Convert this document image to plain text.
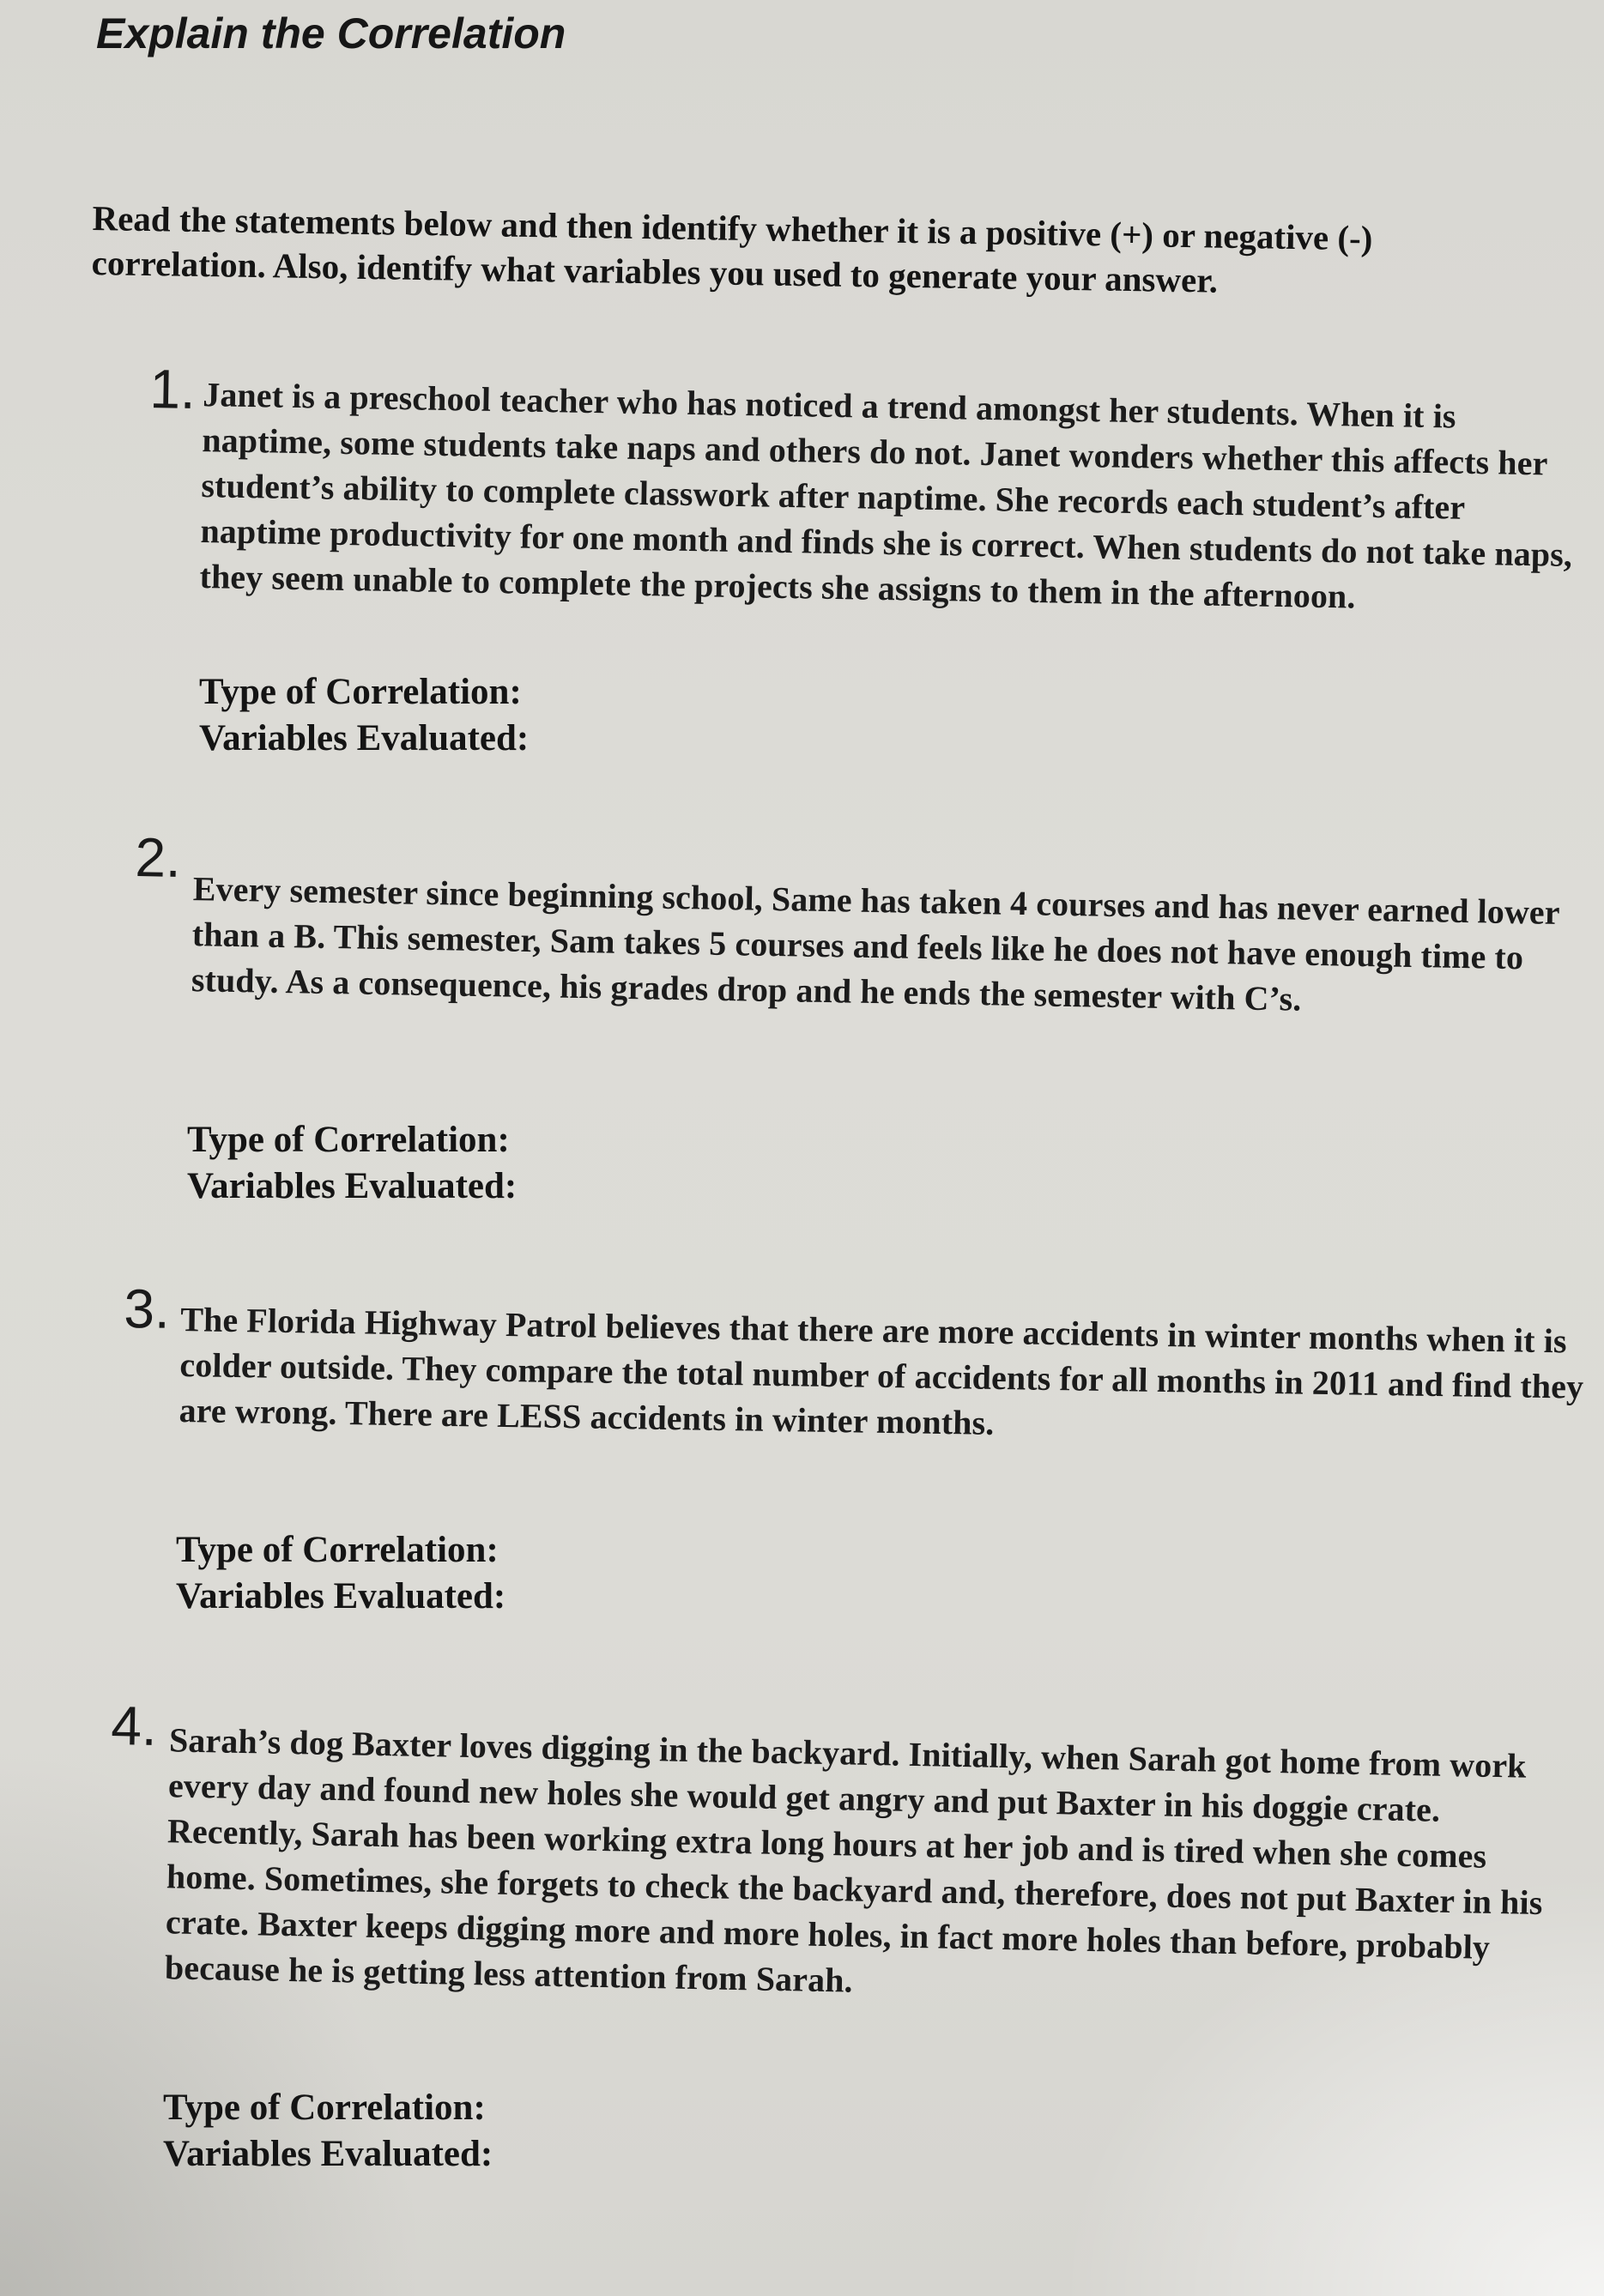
Explain the Correlation

Read the statements below and then identify whether it is a positive (+) or negative (-) correlation. Also, identify what variables you used to generate your answer.

1. Janet is a preschool teacher who has noticed a trend amongst her students. When it is naptime, some students take naps and others do not. Janet wonders whether this affects her student’s ability to complete classwork after naptime. She records each student’s after naptime productivity for one month and finds she is correct. When students do not take naps, they seem unable to complete the projects she assigns to them in the afternoon.

Type of Correlation:
Variables Evaluated:
2.

Every semester since beginning school, Same has taken 4 courses and has never earned lower than a B. This semester, Sam takes 5 courses and feels like he does not have enough time to study. As a consequence, his grades drop and he ends the semester with C’s.

Type of Correlation:
Variables Evaluated:
3. The Florida Highway Patrol believes that there are more accidents in winter months when it is colder outside. They compare the total number of accidents for all months in 2011 and find they are wrong. There are LESS accidents in winter months.

Type of Correlation:
Variables Evaluated:
4. Sarah’s dog Baxter loves digging in the backyard. Initially, when Sarah got home from work every day and found new holes she would get angry and put Baxter in his doggie crate. Recently, Sarah has been working extra long hours at her job and is tired when she comes home. Sometimes, she forgets to check the backyard and, therefore, does not put Baxter in his crate. Baxter keeps digging more and more holes, in fact more holes than before, probably because he is getting less attention from Sarah.

Type of Correlation:
Variables Evaluated:
